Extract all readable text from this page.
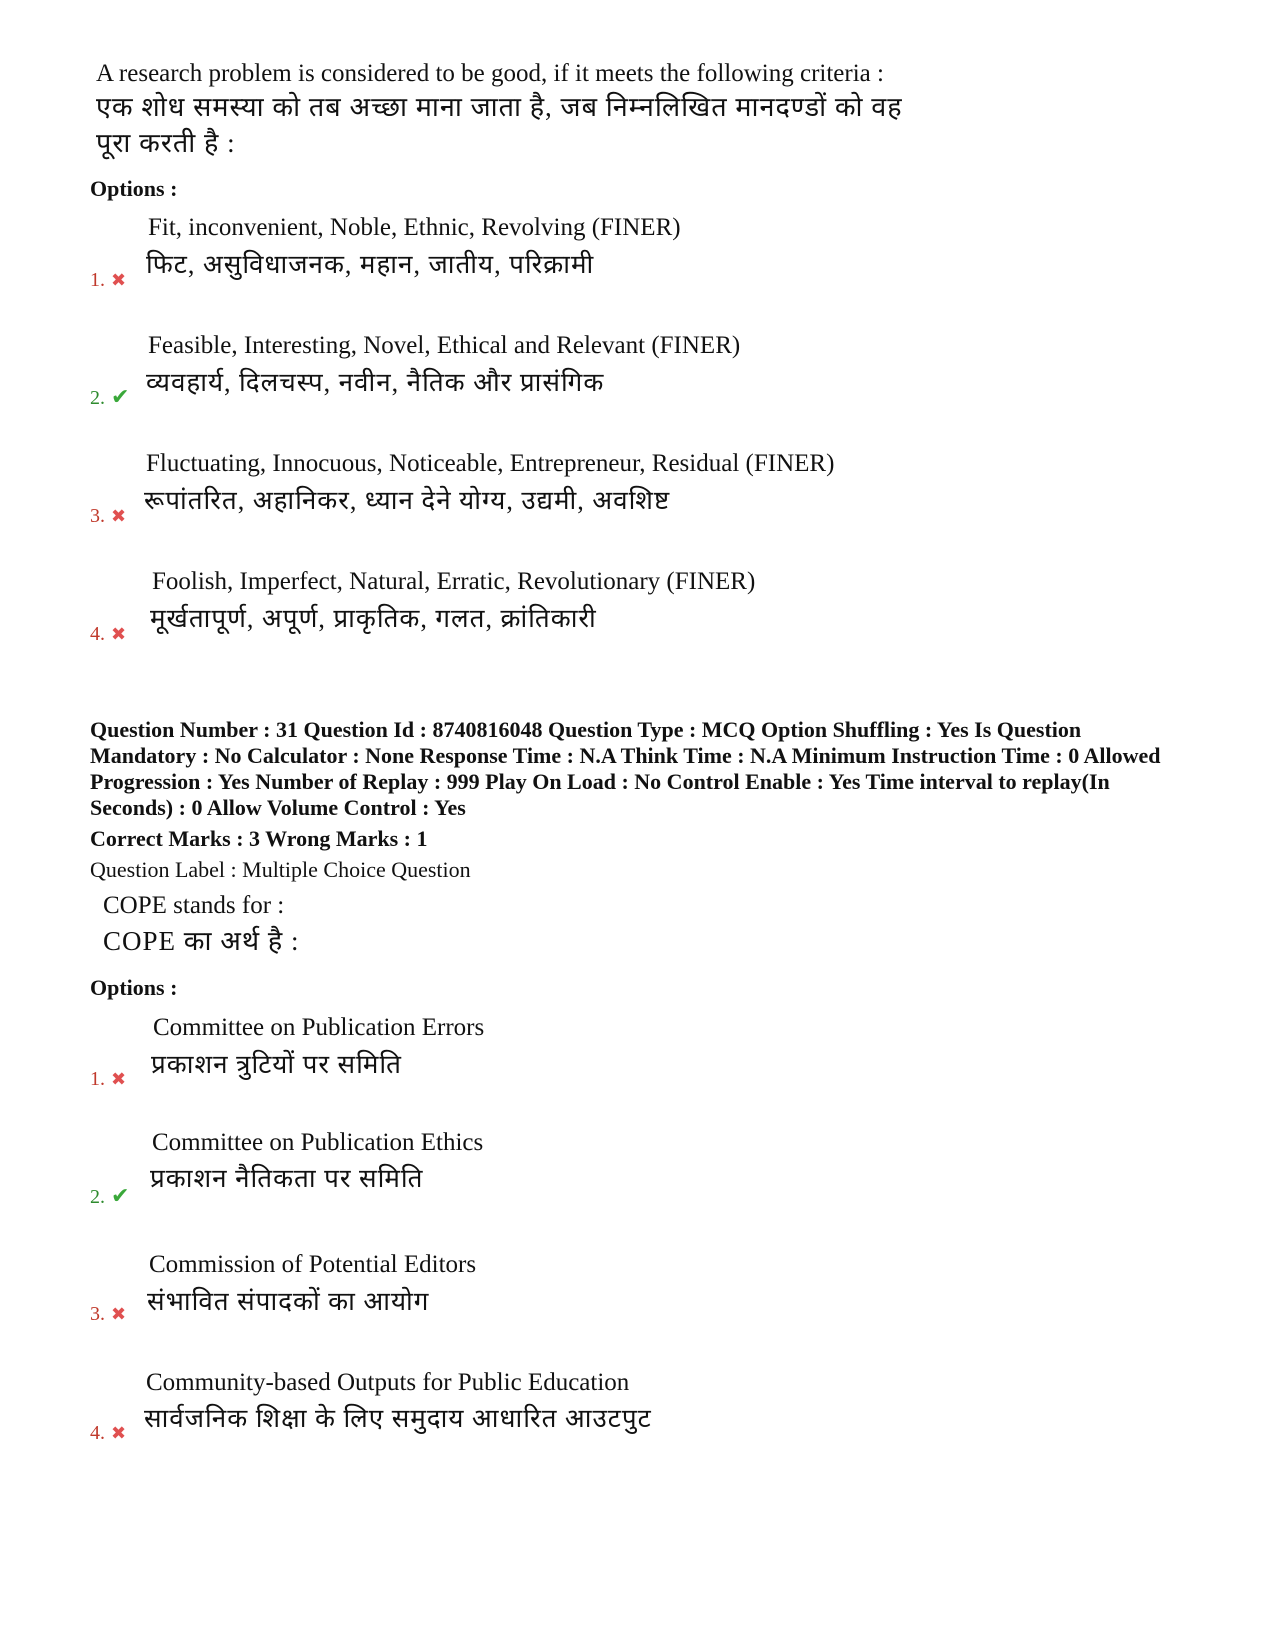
A research problem is considered to be good, if it meets the following criteria :
एक शोध समस्या को तब अच्छा माना जाता है, जब निम्नलिखित मानदण्डों को वह
पूरा करती है :
Options :
Fit, inconvenient, Noble, Ethnic, Revolving (FINER)
फिट, असुविधाजनक, महान, जातीय, परिक्रामी
1. ✖
Feasible, Interesting, Novel, Ethical and Relevant (FINER)
व्यवहार्य, दिलचस्प, नवीन, नैतिक और प्रासंगिक
2. ✔
Fluctuating, Innocuous, Noticeable, Entrepreneur, Residual (FINER)
रूपांतरित, अहानिकर, ध्यान देने योग्य, उद्यमी, अवशिष्ट
3. ✖
Foolish, Imperfect, Natural, Erratic, Revolutionary (FINER)
मूर्खतापूर्ण, अपूर्ण, प्राकृतिक, गलत, क्रांतिकारी
4. ✖
Question Number : 31 Question Id : 8740816048 Question Type : MCQ Option Shuffling : Yes Is Question Mandatory : No Calculator : None Response Time : N.A Think Time : N.A Minimum Instruction Time : 0 Allowed Progression : Yes Number of Replay : 999 Play On Load : No Control Enable : Yes Time interval to replay(In Seconds) : 0 Allow Volume Control : Yes
Correct Marks : 3 Wrong Marks : 1
Question Label : Multiple Choice Question
COPE stands for :
COPE का अर्थ है :
Options :
Committee on Publication Errors
प्रकाशन त्रुटियों पर समिति
1. ✖
Committee on Publication Ethics
प्रकाशन नैतिकता पर समिति
2. ✔
Commission of Potential Editors
संभावित संपादकों का आयोग
3. ✖
Community-based Outputs for Public Education
सार्वजनिक शिक्षा के लिए समुदाय आधारित आउटपुट
4. ✖
